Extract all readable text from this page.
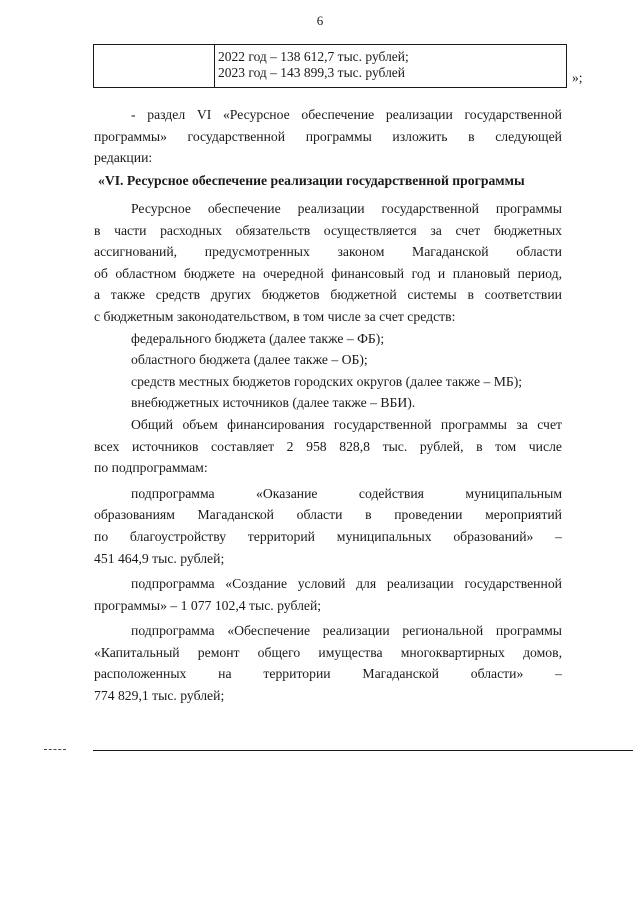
6
2022 год – 138 612,7 тыс. рублей;
2023 год – 143 899,3 тыс. рублей	»;

- раздел VI «Ресурсное обеспечение реализации государственной

программы» государственной программы изложить в следующей

редакции:

«VI. Ресурсное обеспечение реализации государственной программы

Ресурсное обеспечение реализации государственной программы

в части расходных обязательств осуществляется за счет бюджетных

ассигнований, предусмотренных законом Магаданской области

об областном бюджете на очередной финансовый год и плановый период,

а также средств других бюджетов бюджетной системы в соответствии

с бюджетным законодательством, в том числе за счет средств:

федерального бюджета (далее также – ФБ);

областного бюджета (далее также – ОБ);

средств местных бюджетов городских округов (далее также – МБ);

внебюджетных источников (далее также – ВБИ).

Общий объем финансирования государственной программы за счет

всех источников составляет 2 958 828,8 тыс. рублей, в том числе

по подпрограммам:

подпрограмма «Оказание содействия муниципальным

образованиям Магаданской области в проведении мероприятий

по благоустройству территорий муниципальных образований» –

451 464,9 тыс. рублей;

подпрограмма «Создание условий для реализации государственной

программы» – 1 077 102,4 тыс. рублей;

подпрограмма «Обеспечение реализации региональной программы

«Капитальный ремонт общего имущества многоквартирных домов,

расположенных на территории Магаданской области» –

774 829,1 тыс. рублей;
